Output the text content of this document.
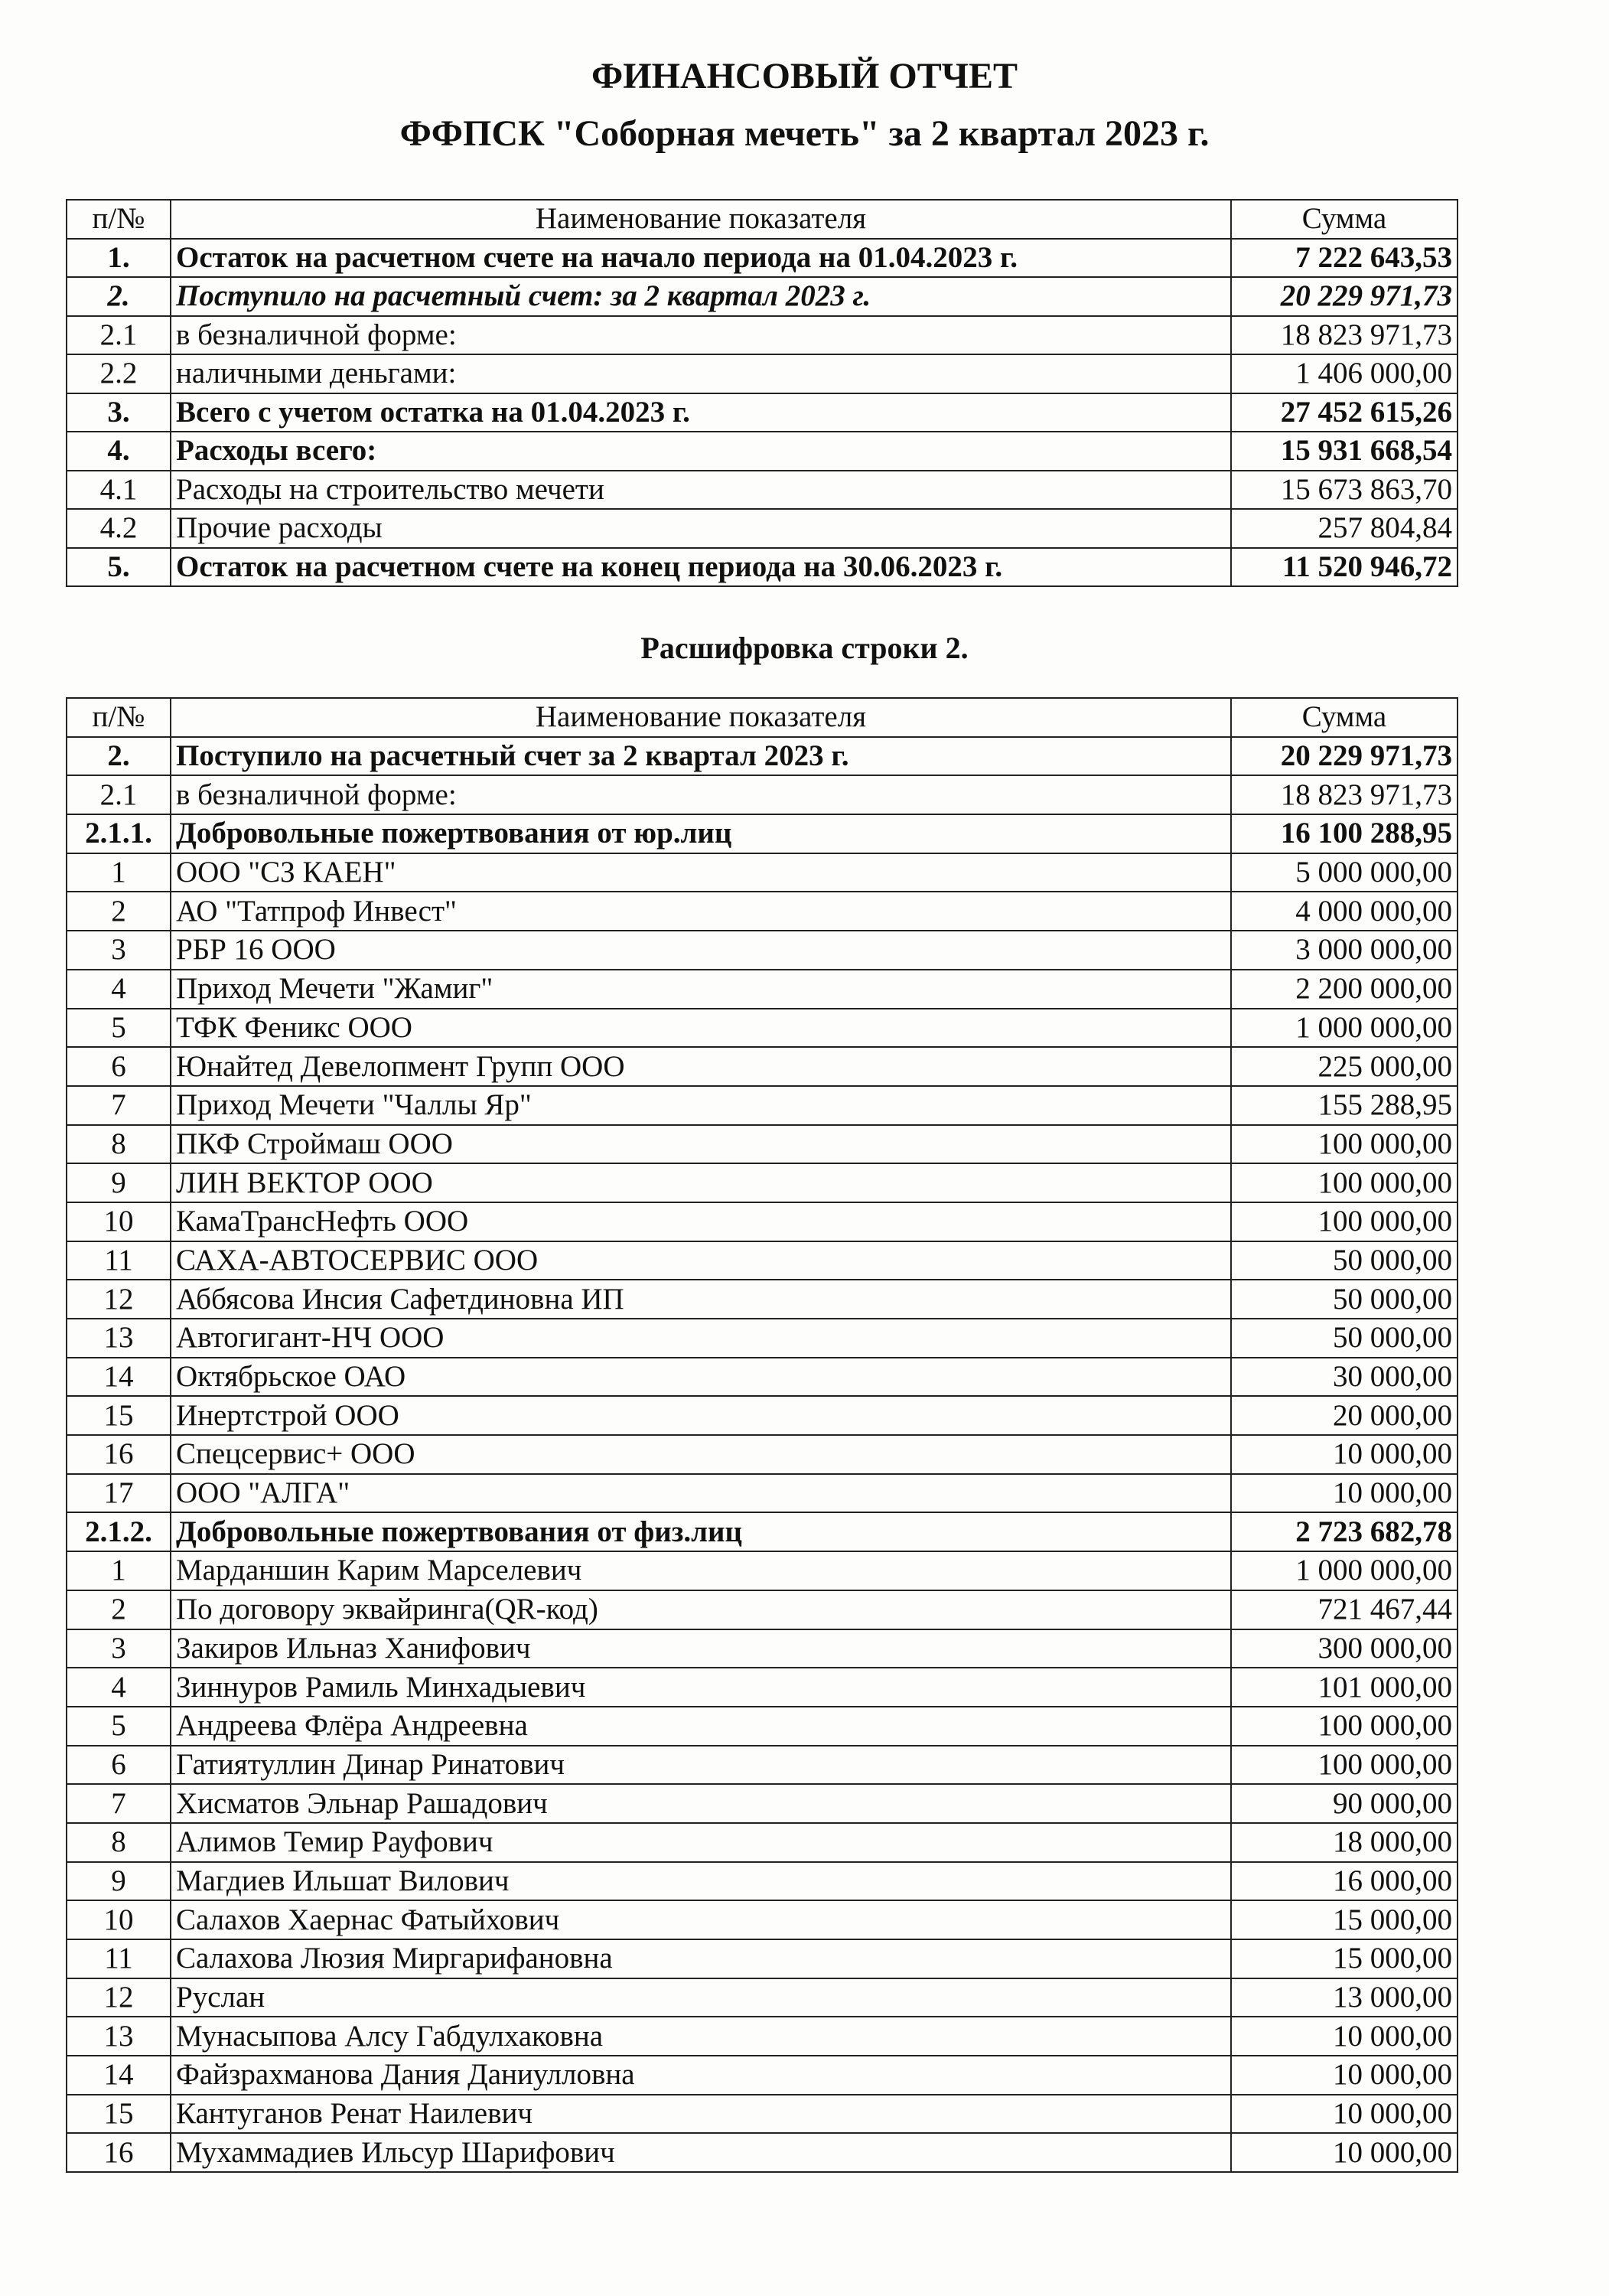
ФИНАНСОВЫЙ ОТЧЕТ
ФФПСК "Соборная мечеть" за 2 квартал 2023 г.
п/№	Наименование показателя	Сумма
1.	Остаток на расчетном счете на начало периода на 01.04.2023 г.	7 222 643,53
2.	Поступило на расчетный счет: за 2 квартал 2023 г.	20 229 971,73
2.1	в безналичной форме:	18 823 971,73
2.2	наличными деньгами:	1 406 000,00
3.	Всего с учетом остатка на 01.04.2023 г.	27 452 615,26
4.	Расходы всего:	15 931 668,54
4.1	Расходы на строительство мечети	15 673 863,70
4.2	Прочие расходы	257 804,84
5.	Остаток на расчетном счете на конец периода на 30.06.2023 г.	11 520 946,72
Расшифровка строки 2.
п/№	Наименование показателя	Сумма
2.	Поступило на расчетный счет за 2 квартал 2023 г.	20 229 971,73
2.1	в безналичной форме:	18 823 971,73
2.1.1.	Добровольные пожертвования от юр.лиц	16 100 288,95
1	ООО "СЗ КАЕН"	5 000 000,00
2	АО "Татпроф Инвест"	4 000 000,00
3	РБР 16 ООО	3 000 000,00
4	Приход Мечети "Жамиг"	2 200 000,00
5	ТФК Феникс ООО	1 000 000,00
6	Юнайтед Девелопмент Групп ООО	225 000,00
7	Приход Мечети "Чаллы Яр"	155 288,95
8	ПКФ Строймаш ООО	100 000,00
9	ЛИН ВЕКТОР ООО	100 000,00
10	КамаТрансНефть ООО	100 000,00
11	САХА-АВТОСЕРВИС ООО	50 000,00
12	Аббясова Инсия Сафетдиновна ИП	50 000,00
13	Автогигант-НЧ ООО	50 000,00
14	Октябрьское ОАО	30 000,00
15	Инертстрой ООО	20 000,00
16	Спецсервис+ ООО	10 000,00
17	ООО "АЛГА"	10 000,00
2.1.2.	Добровольные пожертвования от физ.лиц	2 723 682,78
1	Марданшин Карим Марселевич	1 000 000,00
2	По договору эквайринга(QR-код)	721 467,44
3	Закиров Ильназ Ханифович	300 000,00
4	Зиннуров Рамиль Минхадыевич	101 000,00
5	Андреева Флёра Андреевна	100 000,00
6	Гатиятуллин Динар Ринатович	100 000,00
7	Хисматов Эльнар Рашадович	90 000,00
8	Алимов Темир Рауфович	18 000,00
9	Магдиев Ильшат Вилович	16 000,00
10	Салахов Хаернас Фатыйхович	15 000,00
11	Салахова Люзия Миргарифановна	15 000,00
12	Руслан	13 000,00
13	Мунасыпова Алсу Габдулхаковна	10 000,00
14	Файзрахманова Дания Даниулловна	10 000,00
15	Кантуганов Ренат Наилевич	10 000,00
16	Мухаммадиев Ильсур Шарифович	10 000,00
